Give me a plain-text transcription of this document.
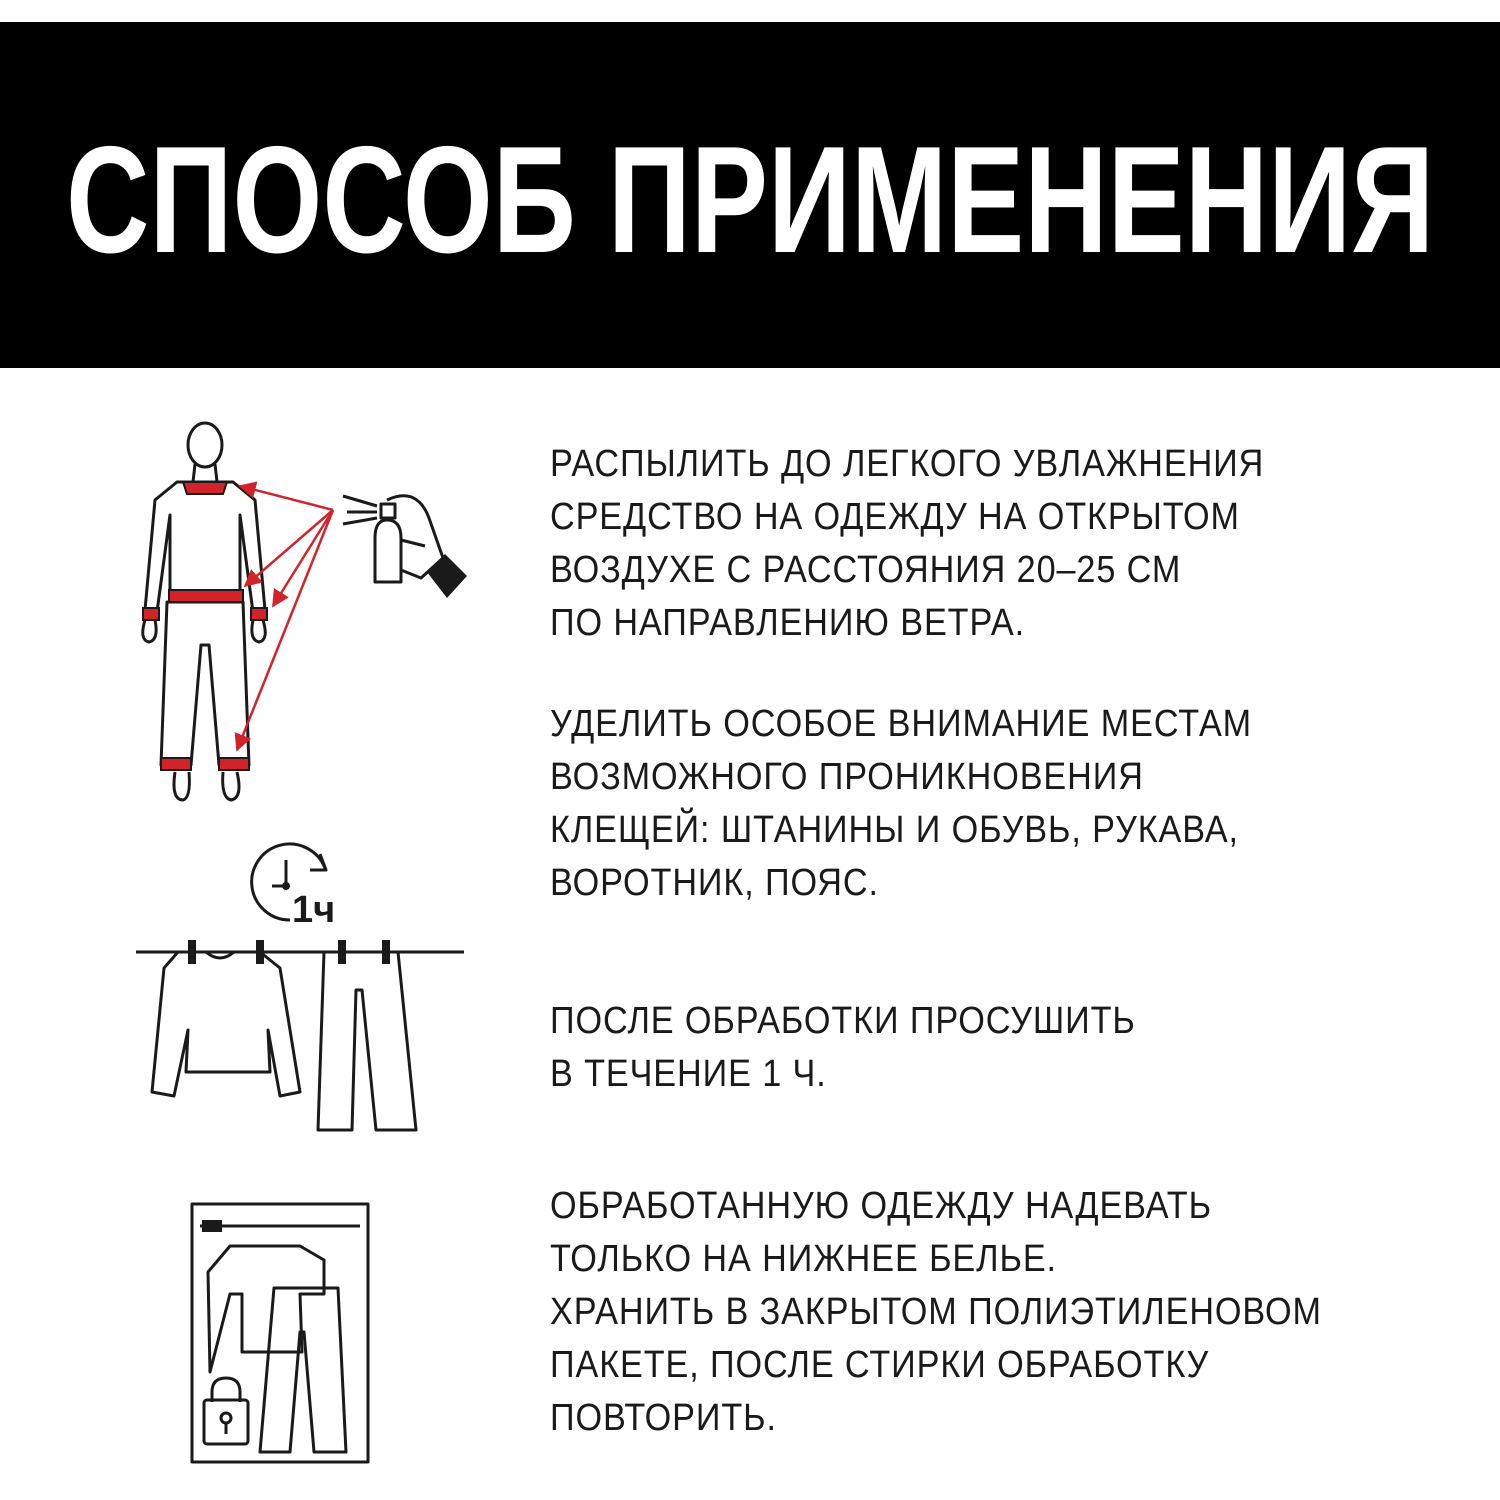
СПОСОБ ПРИМЕНЕНИЯ
1ч
РАСПЫЛИТЬ ДО ЛЕГКОГО УВЛАЖНЕНИЯ
СРЕДСТВО НА ОДЕЖДУ НА ОТКРЫТОМ
ВОЗДУХЕ С РАССТОЯНИЯ 20–25 СМ
ПО НАПРАВЛЕНИЮ ВЕТРА.
УДЕЛИТЬ ОСОБОЕ ВНИМАНИЕ МЕСТАМ
ВОЗМОЖНОГО ПРОНИКНОВЕНИЯ
КЛЕЩЕЙ: ШТАНИНЫ И ОБУВЬ, РУКАВА,
ВОРОТНИК, ПОЯС.
ПОСЛЕ ОБРАБОТКИ ПРОСУШИТЬ
В ТЕЧЕНИЕ 1 Ч.
ОБРАБОТАННУЮ ОДЕЖДУ НАДЕВАТЬ
ТОЛЬКО НА НИЖНЕЕ БЕЛЬЕ.
ХРАНИТЬ В ЗАКРЫТОМ ПОЛИЭТИЛЕНОВОМ
ПАКЕТЕ, ПОСЛЕ СТИРКИ ОБРАБОТКУ
ПОВТОРИТЬ.
